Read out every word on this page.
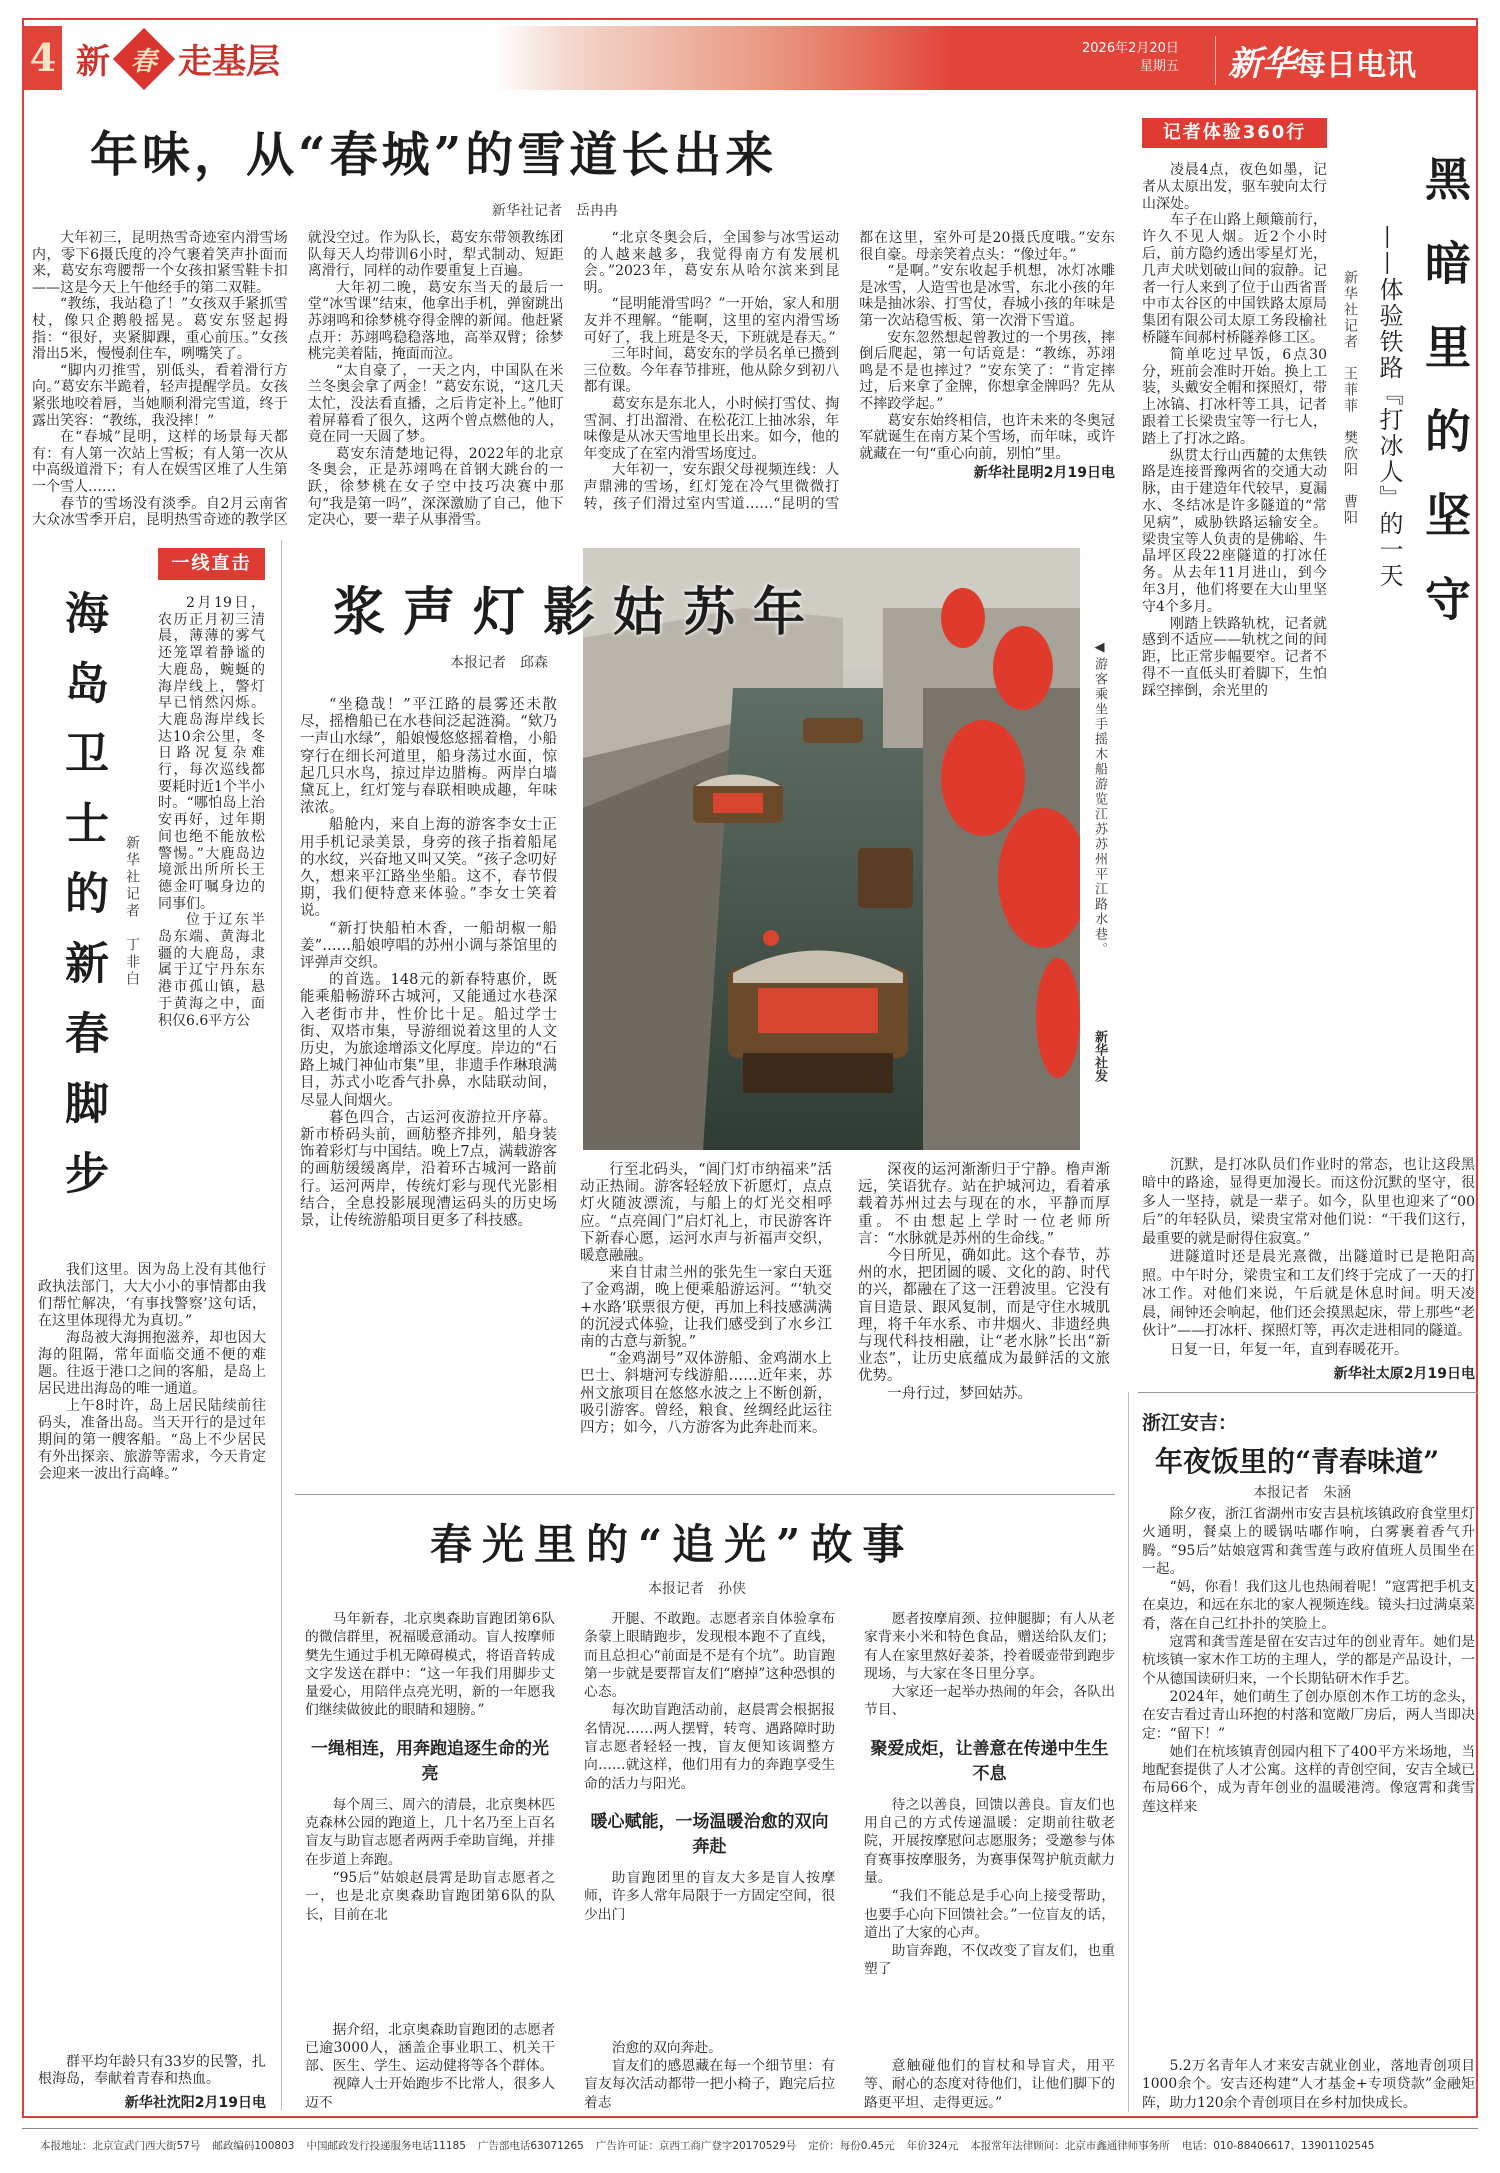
4 新 春 走基层	2026年2月20日
星期五	新华每日电讯
年味，从“春城”的雪道长出来
新华社记者　岳冉冉

大年初三，昆明热雪奇迹室内滑雪场内，零下6摄氏度的冷气裹着笑声扑面而来，葛安东弯腰帮一个女孩扣紧雪鞋卡扣——这是今天上午他经手的第二双鞋。

“教练，我站稳了！”女孩双手紧抓雪杖，像只企鹅般摇晃。葛安东竖起拇指：“很好，夹紧脚踝，重心前压。”女孩滑出5米，慢慢刹住车，咧嘴笑了。

“脚内刃推雪，别低头，看着滑行方向。”葛安东半跪着，轻声提醒学员。女孩紧张地咬着唇，当她顺利滑完雪道，终于露出笑容：“教练，我没摔！”

在“春城”昆明，这样的场景每天都有：有人第一次站上雪板；有人第一次从中高级道滑下；有人在娱雪区堆了人生第一个雪人……

春节的雪场没有淡季。自2月云南省大众冰雪季开启，昆明热雪奇迹的教学区就没空过。作为队长，葛安东带领教练团队每天人均带训6小时，犁式制动、短距离滑行，同样的动作要重复上百遍。

大年初二晚，葛安东当天的最后一堂“冰雪课”结束，他拿出手机，弹窗跳出苏翊鸣和徐梦桃夺得金牌的新闻。他赶紧点开：苏翊鸣稳稳落地，高举双臂；徐梦桃完美着陆，掩面而泣。

“太自豪了，一天之内，中国队在米兰冬奥会拿了两金！”葛安东说，“这几天太忙，没法看直播，之后肯定补上。”他盯着屏幕看了很久，这两个曾点燃他的人，竟在同一天圆了梦。

葛安东清楚地记得，2022年的北京冬奥会，正是苏翊鸣在首钢大跳台的一跃，徐梦桃在女子空中技巧决赛中那句“我是第一吗”，深深激励了自己，他下定决心，要一辈子从事滑雪。

“北京冬奥会后，全国参与冰雪运动的人越来越多，我觉得南方有发展机会。”2023年，葛安东从哈尔滨来到昆明。

“昆明能滑雪吗？”一开始，家人和朋友并不理解。“能啊，这里的室内滑雪场可好了，我上班是冬天，下班就是春天。”

三年时间，葛安东的学员名单已攒到三位数。今年春节排班，他从除夕到初八都有课。

葛安东是东北人，小时候打雪仗、掏雪洞、打出溜滑、在松花江上抽冰尜，年味像是从冰天雪地里长出来。如今，他的年变成了在室内滑雪场度过。

大年初一，安东跟父母视频连线：人声鼎沸的雪场，红灯笼在冷气里微微打转，孩子们滑过室内雪道……“昆明的雪都在这里，室外可是20摄氏度哦。”安东很自豪。母亲笑着点头：“像过年。”

“是啊。”安东收起手机想，冰灯冰雕是冰雪，人造雪也是冰雪，东北小孩的年味是抽冰尜、打雪仗，春城小孩的年味是第一次站稳雪板、第一次滑下雪道。

安东忽然想起曾教过的一个男孩，摔倒后爬起，第一句话竟是：“教练，苏翊鸣是不是也摔过？”安东笑了：“肯定摔过，后来拿了金牌，你想拿金牌吗？先从不摔跤学起。”

葛安东始终相信，也许未来的冬奥冠军就诞生在南方某个雪场，而年味，或许就藏在一句“重心向前，别怕”里。

新华社昆明2月19日电
记者体验360行
黑暗里的坚守
——体验铁路『打冰人』的一天
新华社记者　王菲菲　樊欣阳　曹阳

凌晨4点，夜色如墨，记者从太原出发，驱车驶向太行山深处。

车子在山路上颠簸前行，许久不见人烟。近2个小时后，前方隐约透出零星灯光，几声犬吠划破山间的寂静。记者一行人来到了位于山西省晋中市太谷区的中国铁路太原局集团有限公司太原工务段榆社桥隧车间郝村桥隧养修工区。

简单吃过早饭，6点30分，班前会准时开始。换上工装，头戴安全帽和探照灯，带上冰镐、打冰杆等工具，记者跟着工长梁贵宝等一行七人，踏上了打冰之路。

纵贯太行山西麓的太焦铁路是连接晋豫两省的交通大动脉，由于建造年代较早，夏漏水、冬结冰是许多隧道的“常见病”，威胁铁路运输安全。梁贵宝等人负责的是佛峪、牛晶坪区段22座隧道的打冰任务。从去年11月进山，到今年3月，他们将要在大山里坚守4个多月。

刚踏上铁路轨枕，记者就感到不适应——轨枕之间的间距，比正常步幅要窄。记者不得不一直低头盯着脚下，生怕踩空摔倒，余光里的

沉默，是打冰队员们作业时的常态，也让这段黑暗中的路途，显得更加漫长。而这份沉默的坚守，很多人一坚持，就是一辈子。如今，队里也迎来了“00后”的年轻队员，梁贵宝常对他们说：“干我们这行，最重要的就是耐得住寂寞。”

进隧道时还是晨光熹微，出隧道时已是艳阳高照。中午时分，梁贵宝和工友们终于完成了一天的打冰工作。对他们来说，午后就是休息时间。明天凌晨，闹钟还会响起，他们还会摸黑起床，带上那些“老伙计”——打冰杆、探照灯等，再次走进相同的隧道。

日复一日，年复一年，直到春暖花开。

新华社太原2月19日电
浙江安吉：
年夜饭里的“青春味道”
本报记者　朱涵

除夕夜，浙江省湖州市安吉县杭垓镇政府食堂里灯火通明，餐桌上的暖锅咕嘟作响，白雾裹着香气升腾。“95后”姑娘寇霄和龚雪莲与政府值班人员围坐在一起。

“妈，你看！我们这儿也热闹着呢！”寇霄把手机支在桌边，和远在东北的家人视频连线。镜头扫过满桌菜肴，落在自己红扑扑的笑脸上。

寇霄和龚雪莲是留在安吉过年的创业青年。她们是杭垓镇一家木作工坊的主理人，学的都是产品设计，一个从德国读研归来，一个长期钻研木作手艺。

2024年，她们萌生了创办原创木作工坊的念头，在安吉看过青山环抱的村落和宽敞厂房后，两人当即决定：“留下！”

她们在杭垓镇青创园内租下了400平方米场地，当地配套提供了人才公寓。这样的青创空间，安吉全域已布局66个，成为青年创业的温暖港湾。像寇霄和龚雪莲这样来

5.2万名青年人才来安吉就业创业，落地青创项目1000余个。安吉还构建“人才基金+专项贷款”金融矩阵，助力120余个青创项目在乡村加快成长。

一线直击
海岛卫士的新春脚步	新华社记者　丁非白

2月19日，农历正月初三清晨，薄薄的雾气还笼罩着静谧的大鹿岛，蜿蜒的海岸线上，警灯早已悄然闪烁。大鹿岛海岸线长达10余公里，冬日路况复杂难行，每次巡线都要耗时近1个半小时。“哪怕岛上治安再好，过年期间也绝不能放松警惕。”大鹿岛边境派出所所长王德金叮嘱身边的同事们。

位于辽东半岛东端、黄海北疆的大鹿岛，隶属于辽宁丹东东港市孤山镇，悬于黄海之中，面积仅6.6平方公

我们这里。因为岛上没有其他行政执法部门，大大小小的事情都由我们帮忙解决，‘有事找警察’这句话，在这里体现得尤为真切。”

海岛被大海拥抱滋养，却也因大海的阻隔，常年面临交通不便的难题。往返于港口之间的客船，是岛上居民进出海岛的唯一通道。

上午8时许，岛上居民陆续前往码头，准备出岛。当天开行的是过年期间的第一艘客船。“岛上不少居民有外出探亲、旅游等需求，今天肯定会迎来一波出行高峰。”

群平均年龄只有33岁的民警，扎根海岛，奉献着青春和热血。

新华社沈阳2月19日电
◀游客乘坐手摇木船游览江苏苏州平江路水巷。
新华社发
浆声灯影姑苏年
本报记者　邱森

“坐稳哉！”平江路的晨雾还未散尽，摇橹船已在水巷间泛起涟漪。“欸乃一声山水绿”，船娘慢悠悠摇着橹，小船穿行在细长河道里，船身荡过水面，惊起几只水鸟，掠过岸边腊梅。两岸白墙黛瓦上，红灯笼与春联相映成趣，年味浓浓。

船舱内，来自上海的游客李女士正用手机记录美景，身旁的孩子指着船尾的水纹，兴奋地又叫又笑。“孩子念叨好久，想来平江路坐坐船。这不，春节假期，我们便特意来体验。”李女士笑着说。

“新打快船柏木香，一船胡椒一船姜”……船娘哼唱的苏州小调与茶馆里的评弹声交织。

的首选。148元的新春特惠价，既能乘船畅游环古城河，又能通过水巷深入老街市井，性价比十足。船过学士街、双塔市集，导游细说着这里的人文历史，为旅途增添文化厚度。岸边的“石路上城门神仙市集”里，非遗手作琳琅满目，苏式小吃香气扑鼻，水陆联动间，尽显人间烟火。

暮色四合，古运河夜游拉开序幕。新市桥码头前，画舫整齐排列，船身装饰着彩灯与中国结。晚上7点，满载游客的画舫缓缓离岸，沿着环古城河一路前行。运河两岸，传统灯彩与现代光影相结合，全息投影展现漕运码头的历史场景，让传统游船项目更多了科技感。

行至北码头，“阊门灯市纳福来”活动正热闹。游客轻轻放下祈愿灯，点点灯火随波漂流，与船上的灯光交相呼应。“点亮阊门”启灯礼上，市民游客许下新春心愿，运河水声与祈福声交织，暖意融融。

来自甘肃兰州的张先生一家白天逛了金鸡湖，晚上便乘船游运河。“‘轨交+水路’联票很方便，再加上科技感满满的沉浸式体验，让我们感受到了水乡江南的古意与新貌。”

“金鸡湖号”双体游船、金鸡湖水上巴士、斜塘河专线游船……近年来，苏州文旅项目在悠悠水波之上不断创新，吸引游客。曾经，粮食、丝绸经此运往四方；如今，八方游客为此奔赴而来。

深夜的运河渐渐归于宁静。橹声渐远，笑语犹存。站在护城河边，看着承载着苏州过去与现在的水，平静而厚重。不由想起上学时一位老师所言：“水脉就是苏州的生命线。”

今日所见，确如此。这个春节，苏州的水，把团圆的暖、文化的韵、时代的兴，都融在了这一汪碧波里。它没有盲目造景、跟风复制，而是守住水城肌理，将千年水系、市井烟火、非遗经典与现代科技相融，让“老水脉”长出“新业态”，让历史底蕴成为最鲜活的文旅优势。

一舟行过，梦回姑苏。

春光里的“追光”故事
本报记者　孙侠

马年新春，北京奥森助盲跑团第6队的微信群里，祝福暖意涌动。盲人按摩师樊先生通过手机无障碍模式，将语音转成文字发送在群中：“这一年我们用脚步丈量爱心，用陪伴点亮光明，新的一年愿我们继续做彼此的眼睛和翅膀。”

一绳相连，用奔跑追逐生命的光亮

每个周三、周六的清晨，北京奥林匹克森林公园的跑道上，几十名乃至上百名盲友与助盲志愿者两两手牵助盲绳，并排在步道上奔跑。

“95后”姑娘赵晨霄是助盲志愿者之一，也是北京奥森助盲跑团第6队的队长，目前在北

据介绍，北京奥森助盲跑团的志愿者已逾3000人，涵盖企事业职工、机关干部、医生、学生、运动健将等各个群体。

视障人士开始跑步不比常人，很多人迈不

开腿、不敢跑。志愿者亲自体验拿布条蒙上眼睛跑步，发现根本跑不了直线，而且总担心“前面是不是有个坑”。助盲跑第一步就是要帮盲友们“磨掉”这种恐惧的心态。

每次助盲跑活动前，赵晨霄会根据报名情况……两人摆臂，转弯、遇路障时助盲志愿者轻轻一拽，盲友便知该调整方向……就这样，他们用有力的奔跑享受生命的活力与阳光。

暖心赋能，一场温暖治愈的双向奔赴

助盲跑团里的盲友大多是盲人按摩师，许多人常年局限于一方固定空间，很少出门

治愈的双向奔赴。

盲友们的感恩藏在每一个细节里：有盲友每次活动都带一把小椅子，跑完后拉着志

愿者按摩肩颈、拉伸腿脚；有人从老家背来小米和特色食品，赠送给队友们；有人在家里熬好姜茶，拎着暖壶带到跑步现场，与大家在冬日里分享。

大家还一起举办热闹的年会，各队出节目、

聚爱成炬，让善意在传递中生生不息

待之以善良，回馈以善良。盲友们也用自己的方式传递温暖：定期前往敬老院，开展按摩慰问志愿服务；受邀参与体育赛事按摩服务，为赛事保驾护航贡献力量。

“我们不能总是手心向上接受帮助，也要手心向下回馈社会。”一位盲友的话，道出了大家的心声。

助盲奔跑，不仅改变了盲友们，也重塑了

意触碰他们的盲杖和导盲犬，用平等、耐心的态度对待他们，让他们脚下的路更平坦、走得更远。”

本报地址：北京宣武门西大街57号 邮政编码100803 中国邮政发行投递服务电话11185 广告部电话63071265 广告许可证：京西工商广登字20170529号 定价：每份0.45元 年价324元 本报常年法律顾问：北京市鑫通律师事务所 电话：010-88406617、13901102545
